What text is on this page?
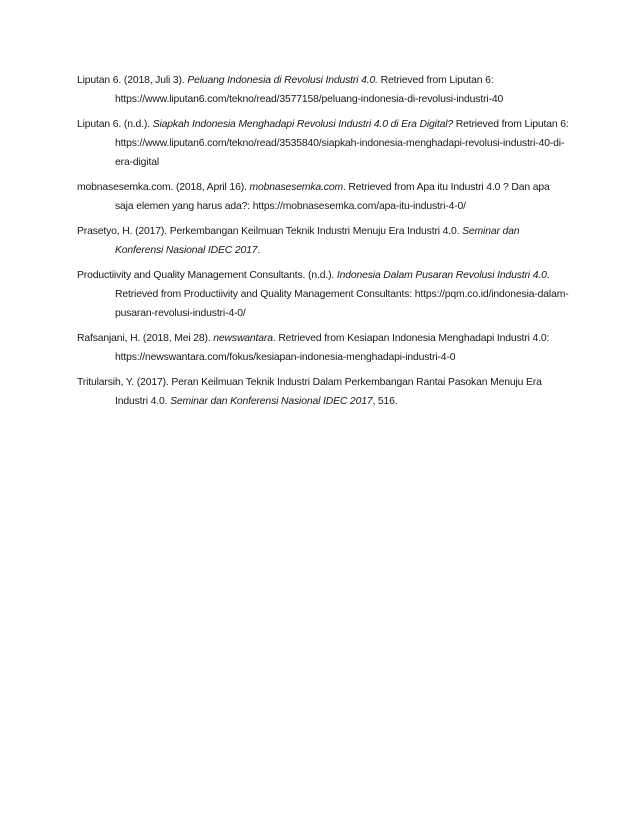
Liputan 6. (2018, Juli 3). Peluang Indonesia di Revolusi Industri 4.0. Retrieved from Liputan 6: https://www.liputan6.com/tekno/read/3577158/peluang-indonesia-di-revolusi-industri-40
Liputan 6. (n.d.). Siapkah Indonesia Menghadapi Revolusi Industri 4.0 di Era Digital? Retrieved from Liputan 6: https://www.liputan6.com/tekno/read/3535840/siapkah-indonesia-menghadapi-revolusi-industri-40-di-era-digital
mobnasesemka.com. (2018, April 16). mobnasesemka.com. Retrieved from Apa itu Industri 4.0 ? Dan apa saja elemen yang harus ada?: https://mobnasesemka.com/apa-itu-industri-4-0/
Prasetyo, H. (2017). Perkembangan Keilmuan Teknik Industri Menuju Era Industri 4.0. Seminar dan Konferensi Nasional IDEC 2017.
Productiivity and Quality Management Consultants. (n.d.). Indonesia Dalam Pusaran Revolusi Industri 4.0. Retrieved from Productiivity and Quality Management Consultants: https://pqm.co.id/indonesia-dalam-pusaran-revolusi-industri-4-0/
Rafsanjani, H. (2018, Mei 28). newswantara. Retrieved from Kesiapan Indonesia Menghadapi Industri 4.0: https://newswantara.com/fokus/kesiapan-indonesia-menghadapi-industri-4-0
Tritularsih, Y. (2017). Peran Keilmuan Teknik Industri Dalam Perkembangan Rantai Pasokan Menuju Era Industri 4.0. Seminar dan Konferensi Nasional IDEC 2017, 516.
